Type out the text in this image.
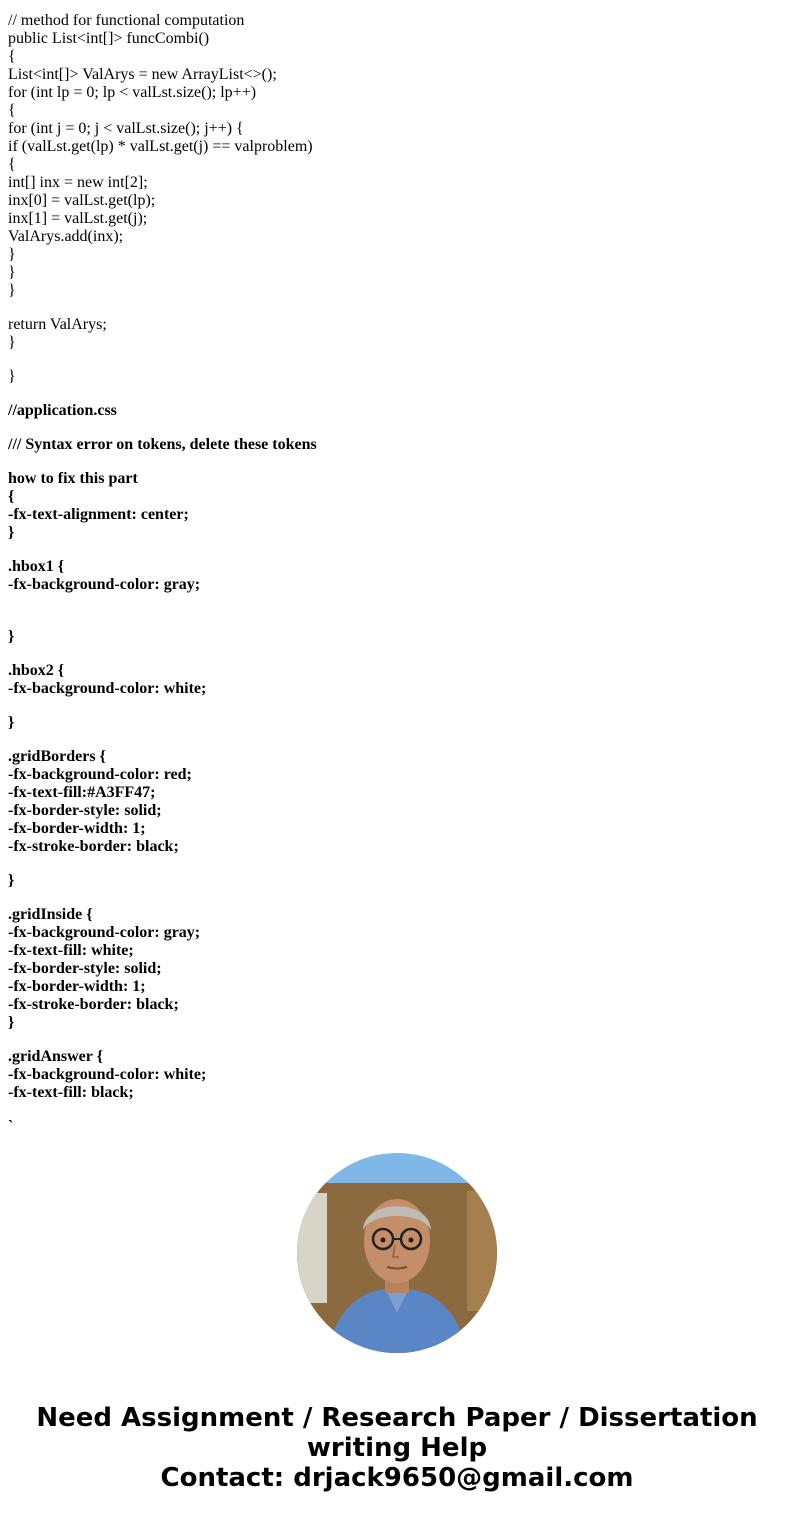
// method for functional computation
public List<int[]> funcCombi()
{
List<int[]> ValArys = new ArrayList<>();
for (int lp = 0; lp < valLst.size(); lp++)
{
for (int j = 0; j < valLst.size(); j++) {
if (valLst.get(lp) * valLst.get(j) == valproblem)
{
int[] inx = new int[2];
inx[0] = valLst.get(lp);
inx[1] = valLst.get(j);
ValArys.add(inx);
}
}
}
return ValArys;
}
}
//application.css
/// Syntax error on tokens, delete these tokens
how to fix this part
{
-fx-text-alignment: center;
}
.hbox1 {
-fx-background-color: gray;
}
.hbox2 {
-fx-background-color: white;
}
.gridBorders {
-fx-background-color: red;
-fx-text-fill:#A3FF47;
-fx-border-style: solid;
-fx-border-width: 1;
-fx-stroke-border: black;
}
.gridInside {
-fx-background-color: gray;
-fx-text-fill: white;
-fx-border-style: solid;
-fx-border-width: 1;
-fx-stroke-border: black;
}
.gridAnswer {
-fx-background-color: white;
-fx-text-fill: black;
`
Need Assignment / Research Paper / Dissertation
writing Help
Contact: drjack9650@gmail.com
